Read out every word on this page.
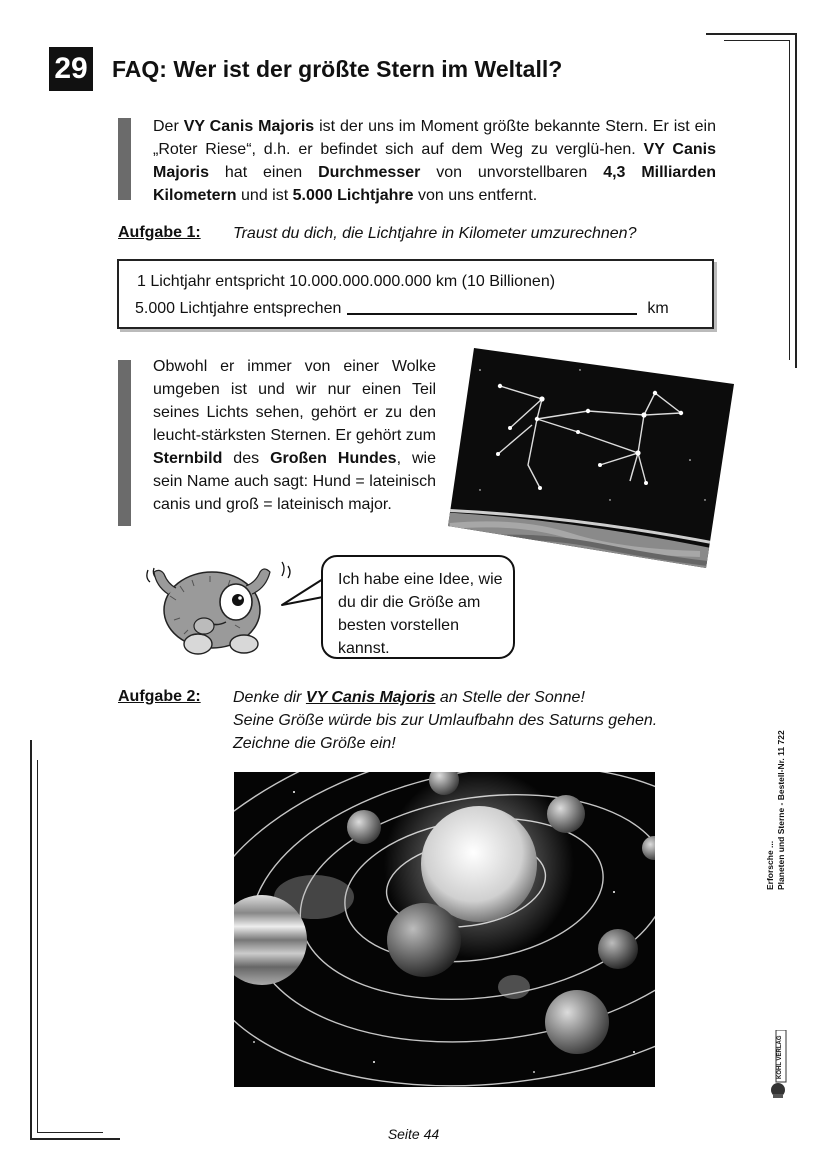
29 FAQ: Wer ist der größte Stern im Weltall?
Der VY Canis Majoris ist der uns im Moment größte bekannte Stern. Er ist ein „Roter Riese“, d.h. er befindet sich auf dem Weg zu verglü-hen. VY Canis Majoris hat einen Durchmesser von unvorstellbaren 4,3 Milliarden Kilometern und ist 5.000 Lichtjahre von uns entfernt.
Aufgabe 1: Traust du dich, die Lichtjahre in Kilometer umzurechnen?
1 Lichtjahr entspricht 10.000.000.000.000 km (10 Billionen)
5.000 Lichtjahre entsprechen	km
Obwohl er immer von einer Wolke umgeben ist und wir nur einen Teil seines Lichts sehen, gehört er zu den leucht-stärksten Sternen. Er gehört zum Sternbild des Großen Hundes, wie sein Name auch sagt: Hund = lateinisch canis und groß = lateinisch major.
Ich habe eine Idee, wie du dir die Größe am besten vorstellen kannst.
Aufgabe 2: Denke dir VY Canis Majoris an Stelle der Sonne!
Seine Größe würde bis zur Umlaufbahn des Saturns gehen.
Zeichne die Größe ein!
Erforsche ... Planeten und Sterne - Bestell-Nr. 11 722
KOHL VERLAG
Seite 44
